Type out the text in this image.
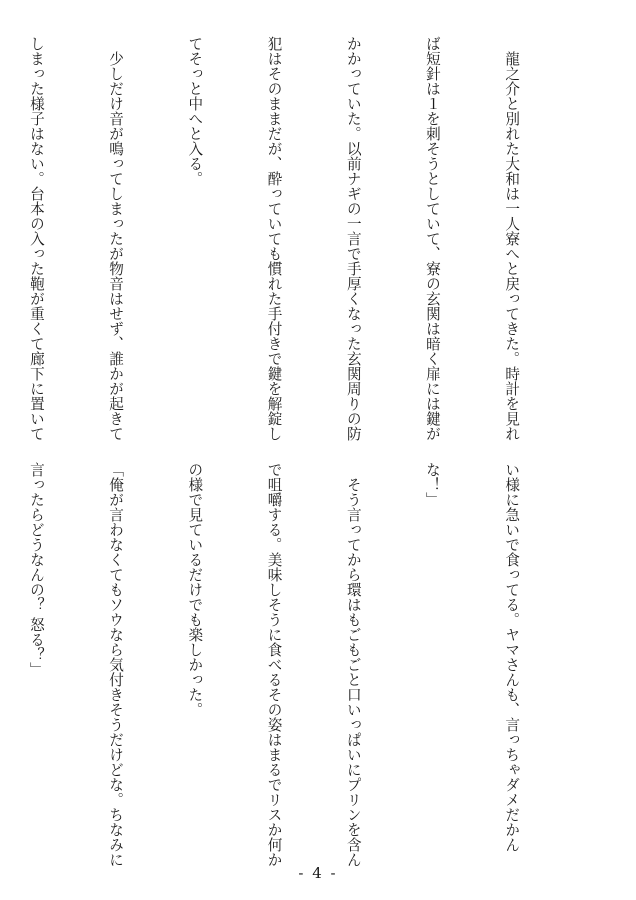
　龍之介と別れた大和は一人寮へと戻ってきた。時計を見れ

ば短針は１を刺そうとしていて、寮の玄関は暗く扉には鍵が

かかっていた。以前ナギの一言で手厚くなった玄関周りの防

犯はそのままだが、酔っていても慣れた手付きで鍵を解錠し

てそっと中へと入る。

　少しだけ音が鳴ってしまったが物音はせず、誰かが起きて

しまった様子はない。台本の入った鞄が重くて廊下に置いて

い様に急いで食ってる。ヤマさんも、言っちゃダメだかん

な！」

　そう言ってから環はもごもごと口いっぱいにプリンを含ん

で咀嚼する。美味しそうに食べるその姿はまるでリスか何か

の様で見ているだけでも楽しかった。

「俺が言わなくてもソウなら気付きそうだけどな。ちなみに

言ったらどうなんの？ 怒る？」

- 4 -
